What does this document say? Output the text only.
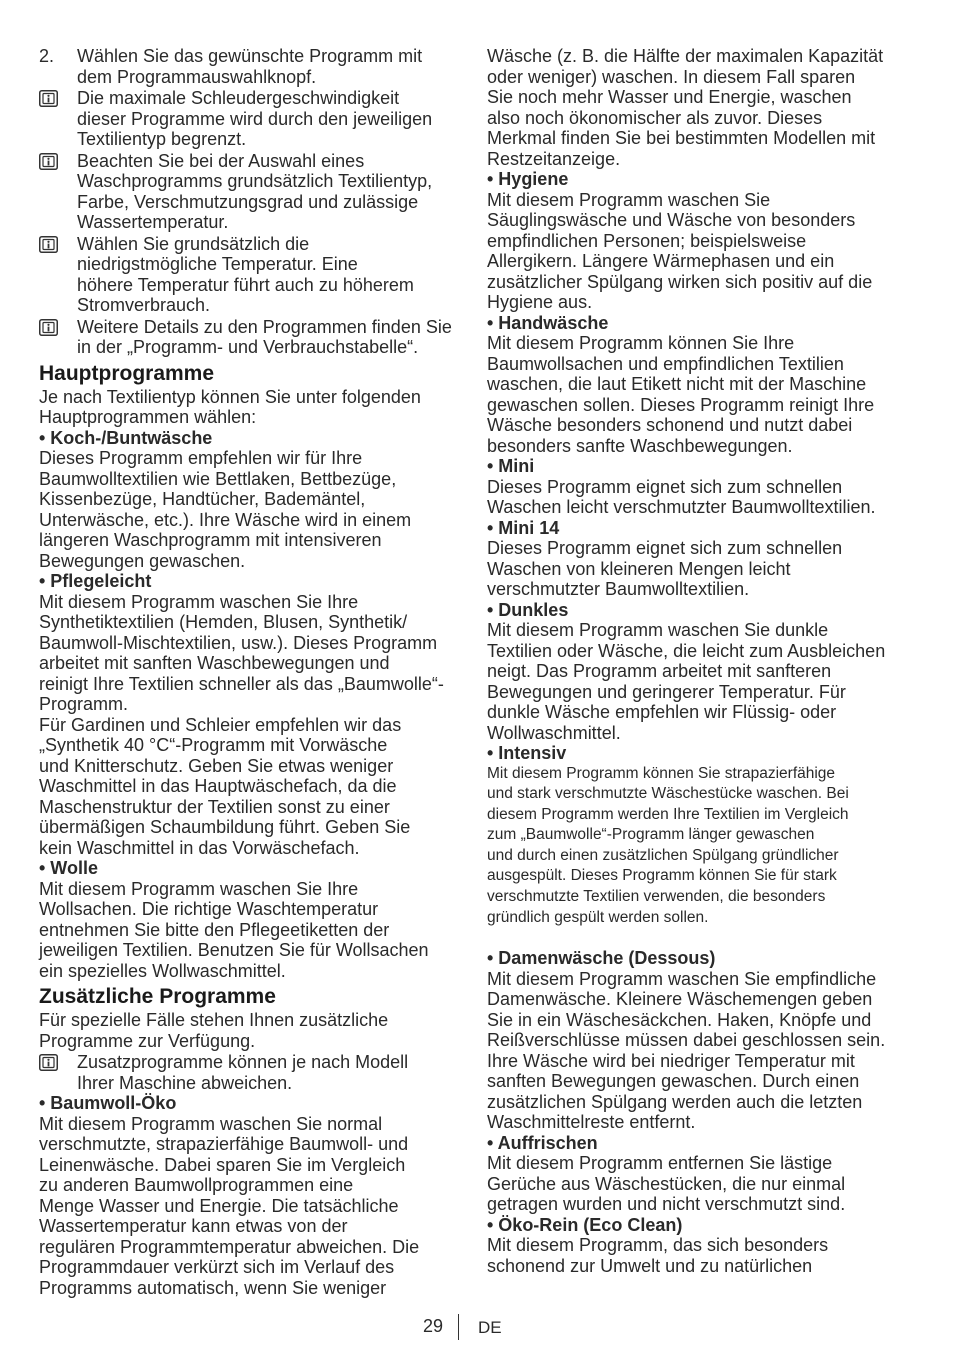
2. Wählen Sie das gewünschte Programm mit
dem Programmauswahlknopf.
Die maximale Schleudergeschwindigkeit
dieser Programme wird durch den jeweiligen
Textilientyp begrenzt.
Beachten Sie bei der Auswahl eines
Waschprogramms grundsätzlich Textilientyp,
Farbe, Verschmutzungsgrad und zulässige
Wassertemperatur.
Wählen Sie grundsätzlich die
niedrigstmögliche Temperatur. Eine
höhere Temperatur führt auch zu höherem
Stromverbrauch.
Weitere Details zu den Programmen finden Sie
in der „Programm- und Verbrauchstabelle“.
Hauptprogramme
Je nach Textilientyp können Sie unter folgenden
Hauptprogrammen wählen:
• Koch-/Buntwäsche
Dieses Programm empfehlen wir für Ihre
Baumwolltextilien wie Bettlaken, Bettbezüge,
Kissenbezüge, Handtücher, Bademäntel,
Unterwäsche, etc.). Ihre Wäsche wird in einem
längeren Waschprogramm mit intensiveren
Bewegungen gewaschen.
• Pflegeleicht
Mit diesem Programm waschen Sie Ihre
Synthetiktextilien (Hemden, Blusen, Synthetik/
Baumwoll-Mischtextilien, usw.). Dieses Programm
arbeitet mit sanften Waschbewegungen und
reinigt Ihre Textilien schneller als das „Baumwolle“-
Programm.
Für Gardinen und Schleier empfehlen wir das
„Synthetik 40 °C“-Programm mit Vorwäsche
und Knitterschutz. Geben Sie etwas weniger
Waschmittel in das Hauptwäschefach, da die
Maschenstruktur der Textilien sonst zu einer
übermäßigen Schaumbildung führt. Geben Sie
kein Waschmittel in das Vorwäschefach.
• Wolle
Mit diesem Programm waschen Sie Ihre
Wollsachen. Die richtige Waschtemperatur
entnehmen Sie bitte den Pflegeetiketten der
jeweiligen Textilien. Benutzen Sie für Wollsachen
ein spezielles Wollwaschmittel.
Zusätzliche Programme
Für spezielle Fälle stehen Ihnen zusätzliche
Programme zur Verfügung.
Zusatzprogramme können je nach Modell
Ihrer Maschine abweichen.
• Baumwoll-Öko
Mit diesem Programm waschen Sie normal
verschmutzte, strapazierfähige Baumwoll- und
Leinenwäsche. Dabei sparen Sie im Vergleich
zu anderen Baumwollprogrammen eine
Menge Wasser und Energie. Die tatsächliche
Wassertemperatur kann etwas von der
regulären Programmtemperatur abweichen. Die
Programmdauer verkürzt sich im Verlauf des
Programms automatisch, wenn Sie weniger
Wäsche (z. B. die Hälfte der maximalen Kapazität
oder weniger) waschen. In diesem Fall sparen
Sie noch mehr Wasser und Energie, waschen
also noch ökonomischer als zuvor. Dieses
Merkmal finden Sie bei bestimmten Modellen mit
Restzeitanzeige.
• Hygiene
Mit diesem Programm waschen Sie
Säuglingswäsche und Wäsche von besonders
empfindlichen Personen; beispielsweise
Allergikern. Längere Wärmephasen und ein
zusätzlicher Spülgang wirken sich positiv auf die
Hygiene aus.
• Handwäsche
Mit diesem Programm können Sie Ihre
Baumwollsachen und empfindlichen Textilien
waschen, die laut Etikett nicht mit der Maschine
gewaschen sollen. Dieses Programm reinigt Ihre
Wäsche besonders schonend und nutzt dabei
besonders sanfte Waschbewegungen.
• Mini
Dieses Programm eignet sich zum schnellen
Waschen leicht verschmutzter Baumwolltextilien.
• Mini 14
Dieses Programm eignet sich zum schnellen
Waschen von kleineren Mengen leicht
verschmutzter Baumwolltextilien.
• Dunkles
Mit diesem Programm waschen Sie dunkle
Textilien oder Wäsche, die leicht zum Ausbleichen
neigt. Das Programm arbeitet mit sanfteren
Bewegungen und geringerer Temperatur. Für
dunkle Wäsche empfehlen wir Flüssig- oder
Wollwaschmittel.
• Intensiv
Mit diesem Programm können Sie strapazierfähige
und stark verschmutzte Wäschestücke waschen. Bei
diesem Programm werden Ihre Textilien im Vergleich
zum „Baumwolle“-Programm länger gewaschen
und durch einen zusätzlichen Spülgang gründlicher
ausgespült. Dieses Programm können Sie für stark
verschmutzte Textilien verwenden, die besonders
gründlich gespült werden sollen.
• Damenwäsche (Dessous)
Mit diesem Programm waschen Sie empfindliche
Damenwäsche. Kleinere Wäschemengen geben
Sie in ein Wäschesäckchen. Haken, Knöpfe und
Reißverschlüsse müssen dabei geschlossen sein.
Ihre Wäsche wird bei niedriger Temperatur mit
sanften Bewegungen gewaschen. Durch einen
zusätzlichen Spülgang werden auch die letzten
Waschmittelreste entfernt.
• Auffrischen
Mit diesem Programm entfernen Sie lästige
Gerüche aus Wäschestücken, die nur einmal
getragen wurden und nicht verschmutzt sind.
• Öko-Rein (Eco Clean)
Mit diesem Programm, das sich besonders
schonend zur Umwelt und zu natürlichen
29 DE
